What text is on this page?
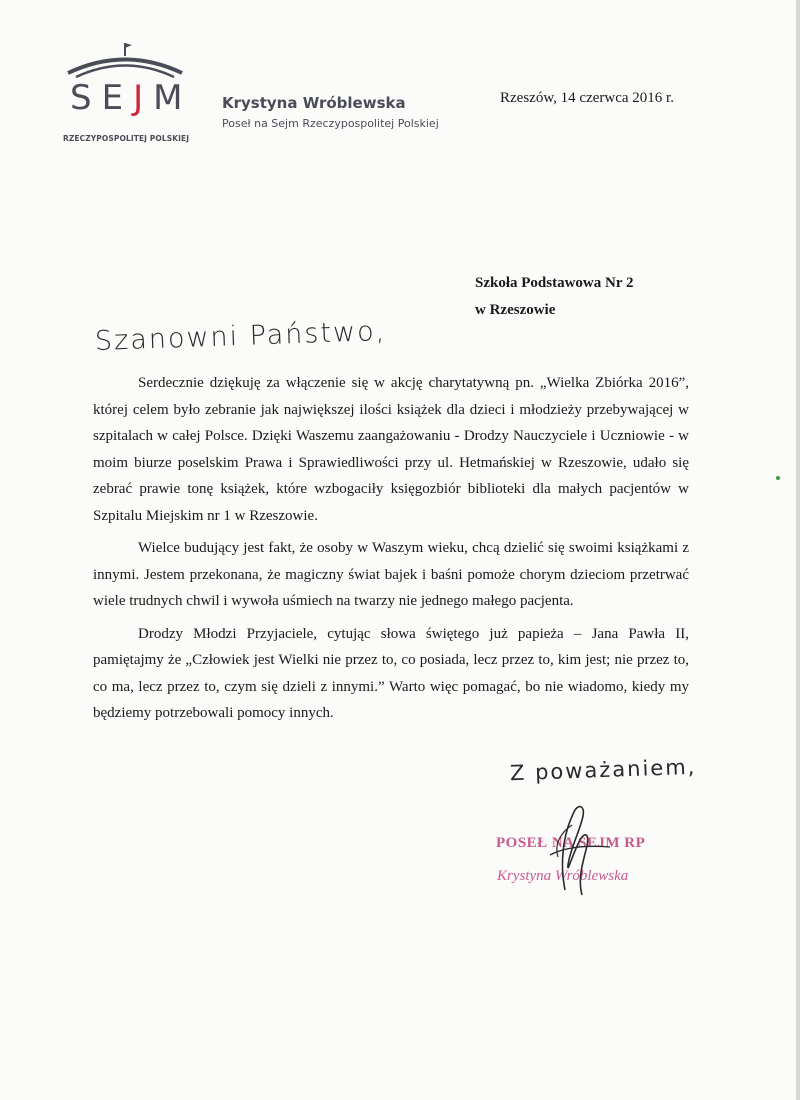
SEJM
RZECZYPOSPOLITEJ POLSKIEJ
Krystyna Wróblewska
Poseł na Sejm Rzeczypospolitej Polskiej
Rzeszów, 14 czerwca 2016 r.
Szkoła Podstawowa Nr 2
w Rzeszowie
Szanowni Państwo,

Serdecznie dziękuję za włączenie się w akcję charytatywną pn. „Wielka Zbiórka 2016”, której celem było zebranie jak największej ilości książek dla dzieci i młodzieży przebywającej w szpitalach w całej Polsce. Dzięki Waszemu zaangażowaniu - Drodzy Nauczyciele i Uczniowie - w moim biurze poselskim Prawa i Sprawiedliwości przy ul. Hetmańskiej w Rzeszowie, udało się zebrać prawie tonę książek, które wzbogaciły księgozbiór biblioteki dla małych pacjentów w Szpitalu Miejskim nr 1 w Rzeszowie.

Wielce budujący jest fakt, że osoby w Waszym wieku, chcą dzielić się swoimi książkami z innymi. Jestem przekonana, że magiczny świat bajek i baśni pomoże chorym dzieciom przetrwać wiele trudnych chwil i wywoła uśmiech na twarzy nie jednego małego pacjenta.

Drodzy Młodzi Przyjaciele, cytując słowa świętego już papieża – Jana Pawła II, pamiętajmy że „Człowiek jest Wielki nie przez to, co posiada, lecz przez to, kim jest; nie przez to, co ma, lecz przez to, czym się dzieli z innymi.” Warto więc pomagać, bo nie wiadomo, kiedy my będziemy potrzebowali pomocy innych.

Z poważaniem,
POSEŁ NA SEJM RP
Krystyna Wróblewska
